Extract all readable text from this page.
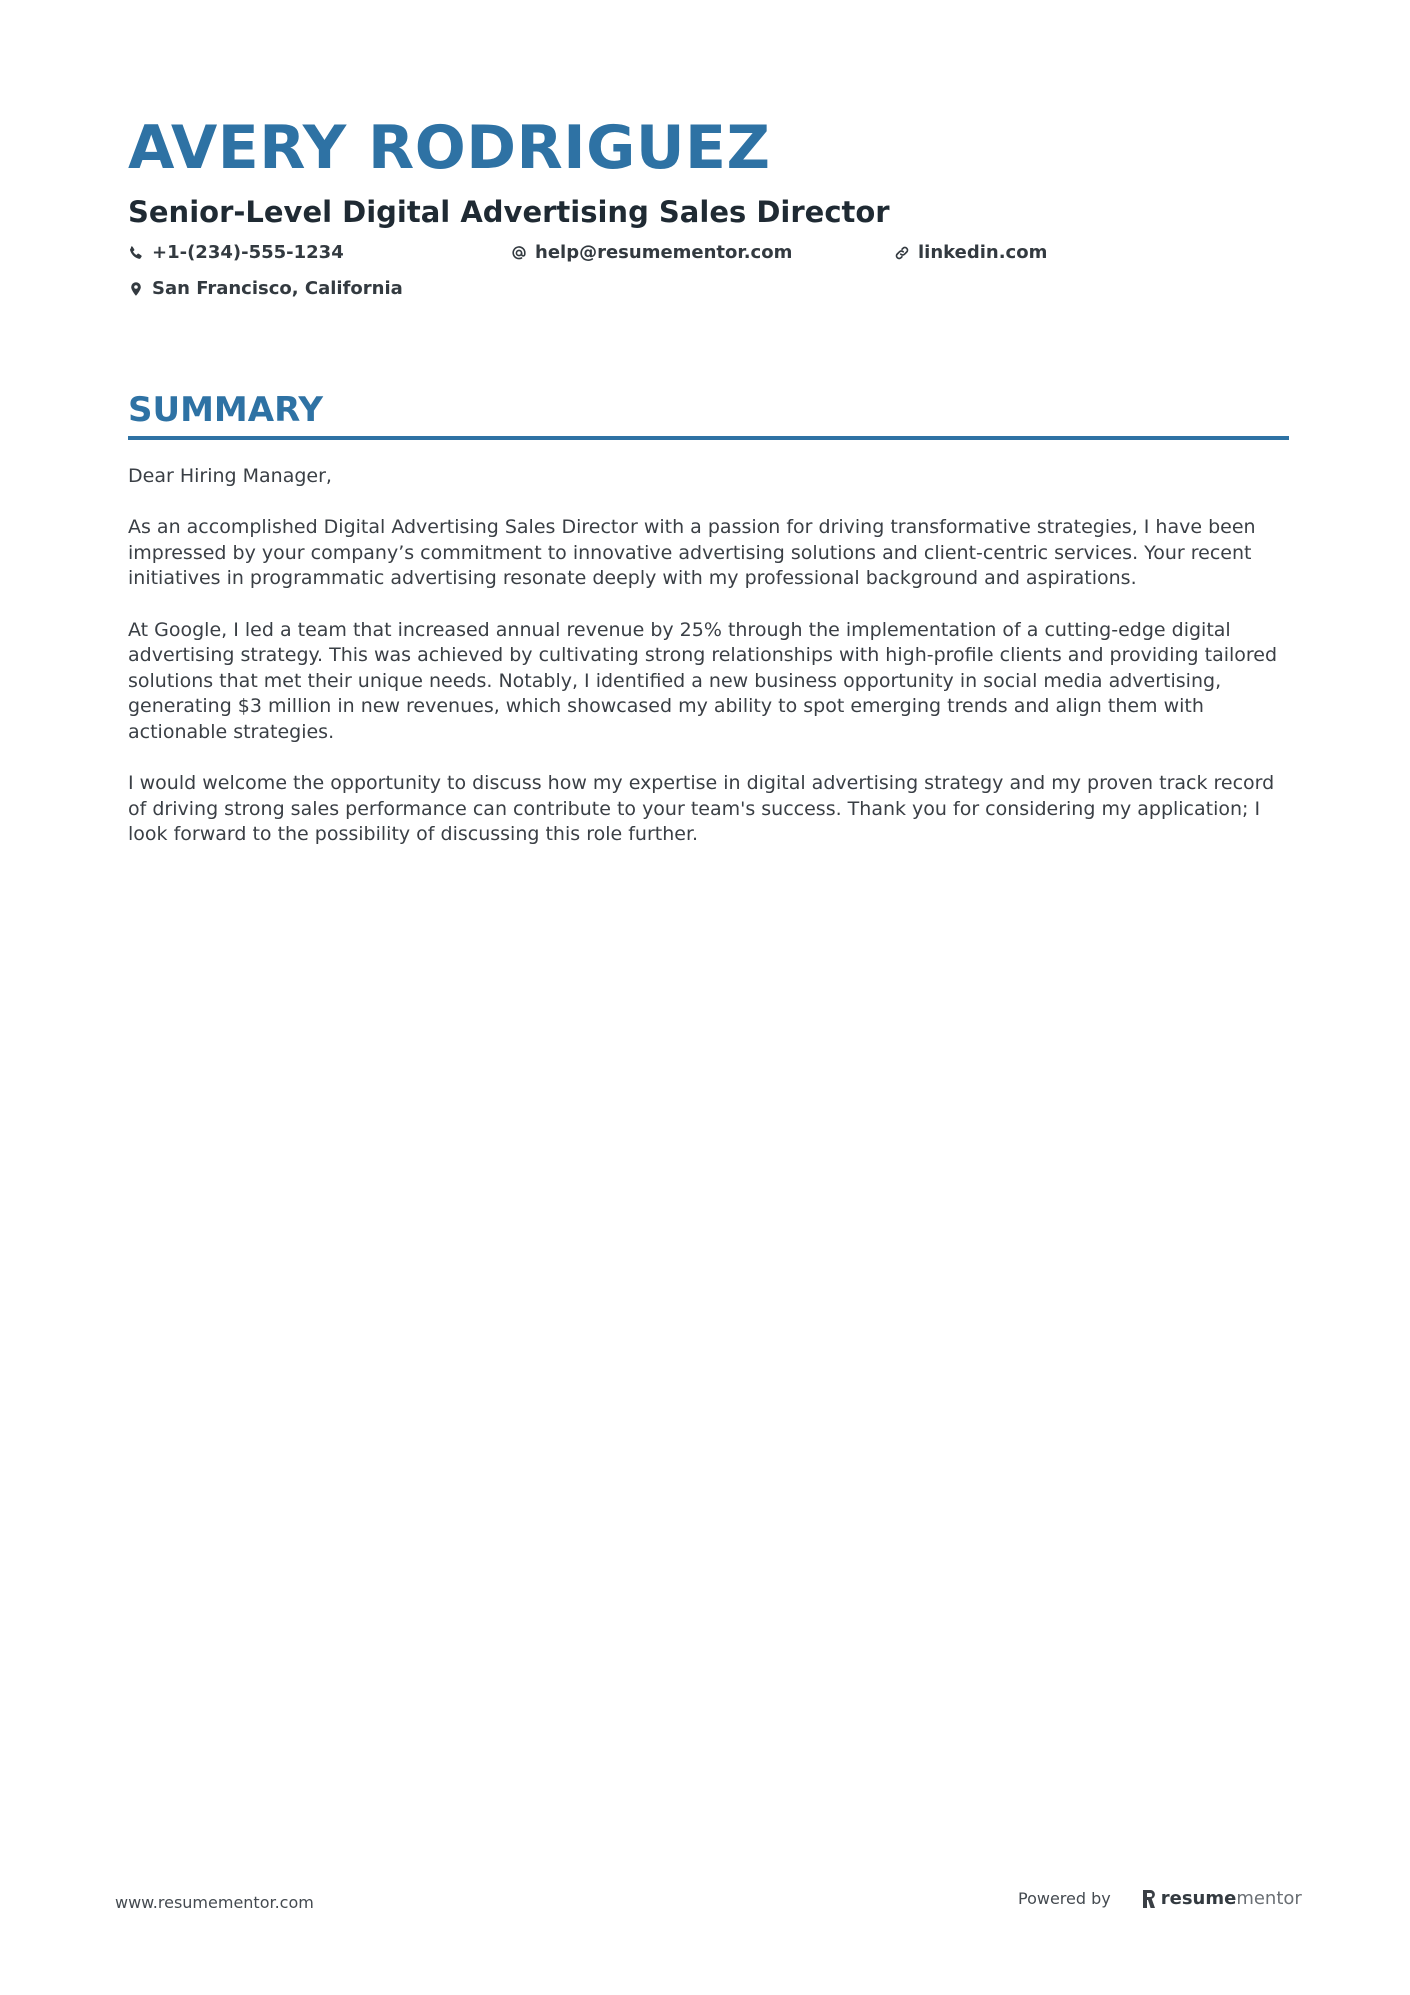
AVERY RODRIGUEZ
Senior-Level Digital Advertising Sales Director
+1-(234)-555-1234	help@resumementor.com	linkedin.com
San Francisco, California
SUMMARY

Dear Hiring Manager,

As an accomplished Digital Advertising Sales Director with a passion for driving transformative strategies, I have been impressed by your company’s commitment to innovative advertising solutions and client-centric services. Your recent initiatives in programmatic advertising resonate deeply with my professional background and aspirations.

At Google, I led a team that increased annual revenue by 25% through the implementation of a cutting-edge digital advertising strategy. This was achieved by cultivating strong relationships with high-profile clients and providing tailored solutions that met their unique needs. Notably, I identified a new business opportunity in social media advertising, generating $3 million in new revenues, which showcased my ability to spot emerging trends and align them with actionable strategies.

I would welcome the opportunity to discuss how my expertise in digital advertising strategy and my proven track record of driving strong sales performance can contribute to your team's success. Thank you for considering my application; I look forward to the possibility of discussing this role further.

www.resumementor.com	Powered by	resume mentor
